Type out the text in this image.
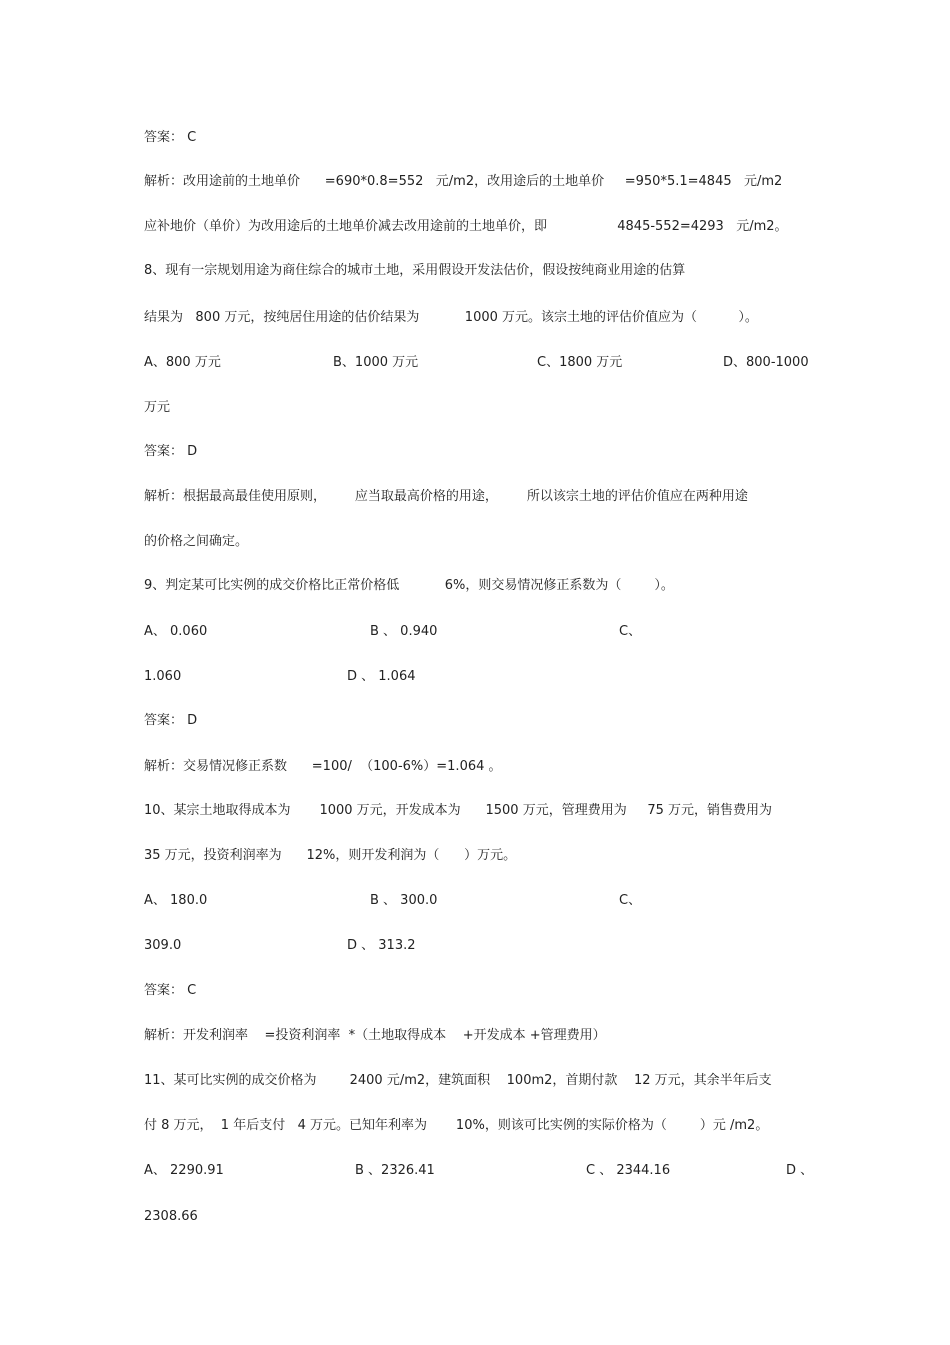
答案： C

解析：改用途前的土地单价      =690*0.8=552   元/m2，改用途后的土地单价     =950*5.1=4845   元/m2

应补地价（单价）为改用途后的土地单价减去改用途前的土地单价，即                 4845-552=4293   元/m2。

8、现有一宗规划用途为商住综合的城市土地，采用假设开发法估价，假设按纯商业用途的估算

结果为   800 万元，按纯居住用途的估价结果为           1000 万元。该宗土地的评估价值应为（          ）。

A、800 万元	B、1000 万元	C、1800 万元	D、800-1000

万元

答案： D

解析：根据最高最佳使用原则，       应当取最高价格的用途，       所以该宗土地的评估价值应在两种用途

的价格之间确定。

9、判定某可比实例的成交价格比正常价格低           6%，则交易情况修正系数为（        ）。

A、 0.060	B 、 0.940	C、
1.060	D 、 1.064

答案： D

解析：交易情况修正系数      =100/  （100-6%）=1.064 。

10、某宗土地取得成本为       1000 万元，开发成本为      1500 万元，管理费用为     75 万元，销售费用为

35 万元，投资利润率为      12%，则开发利润为（      ）万元。

A、 180.0	B 、 300.0	C、
309.0	D 、 313.2

答案： C

解析：开发利润率    =投资利润率  *（土地取得成本    +开发成本 +管理费用）

11、某可比实例的成交价格为        2400 元/m2，建筑面积    100m2，首期付款    12 万元，其余半年后支

付 8 万元，  1 年后支付   4 万元。已知年利率为       10%，则该可比实例的实际价格为（        ）元 /m2。

A、 2290.91	B 、2326.41	C 、 2344.16	D 、
2308.66
